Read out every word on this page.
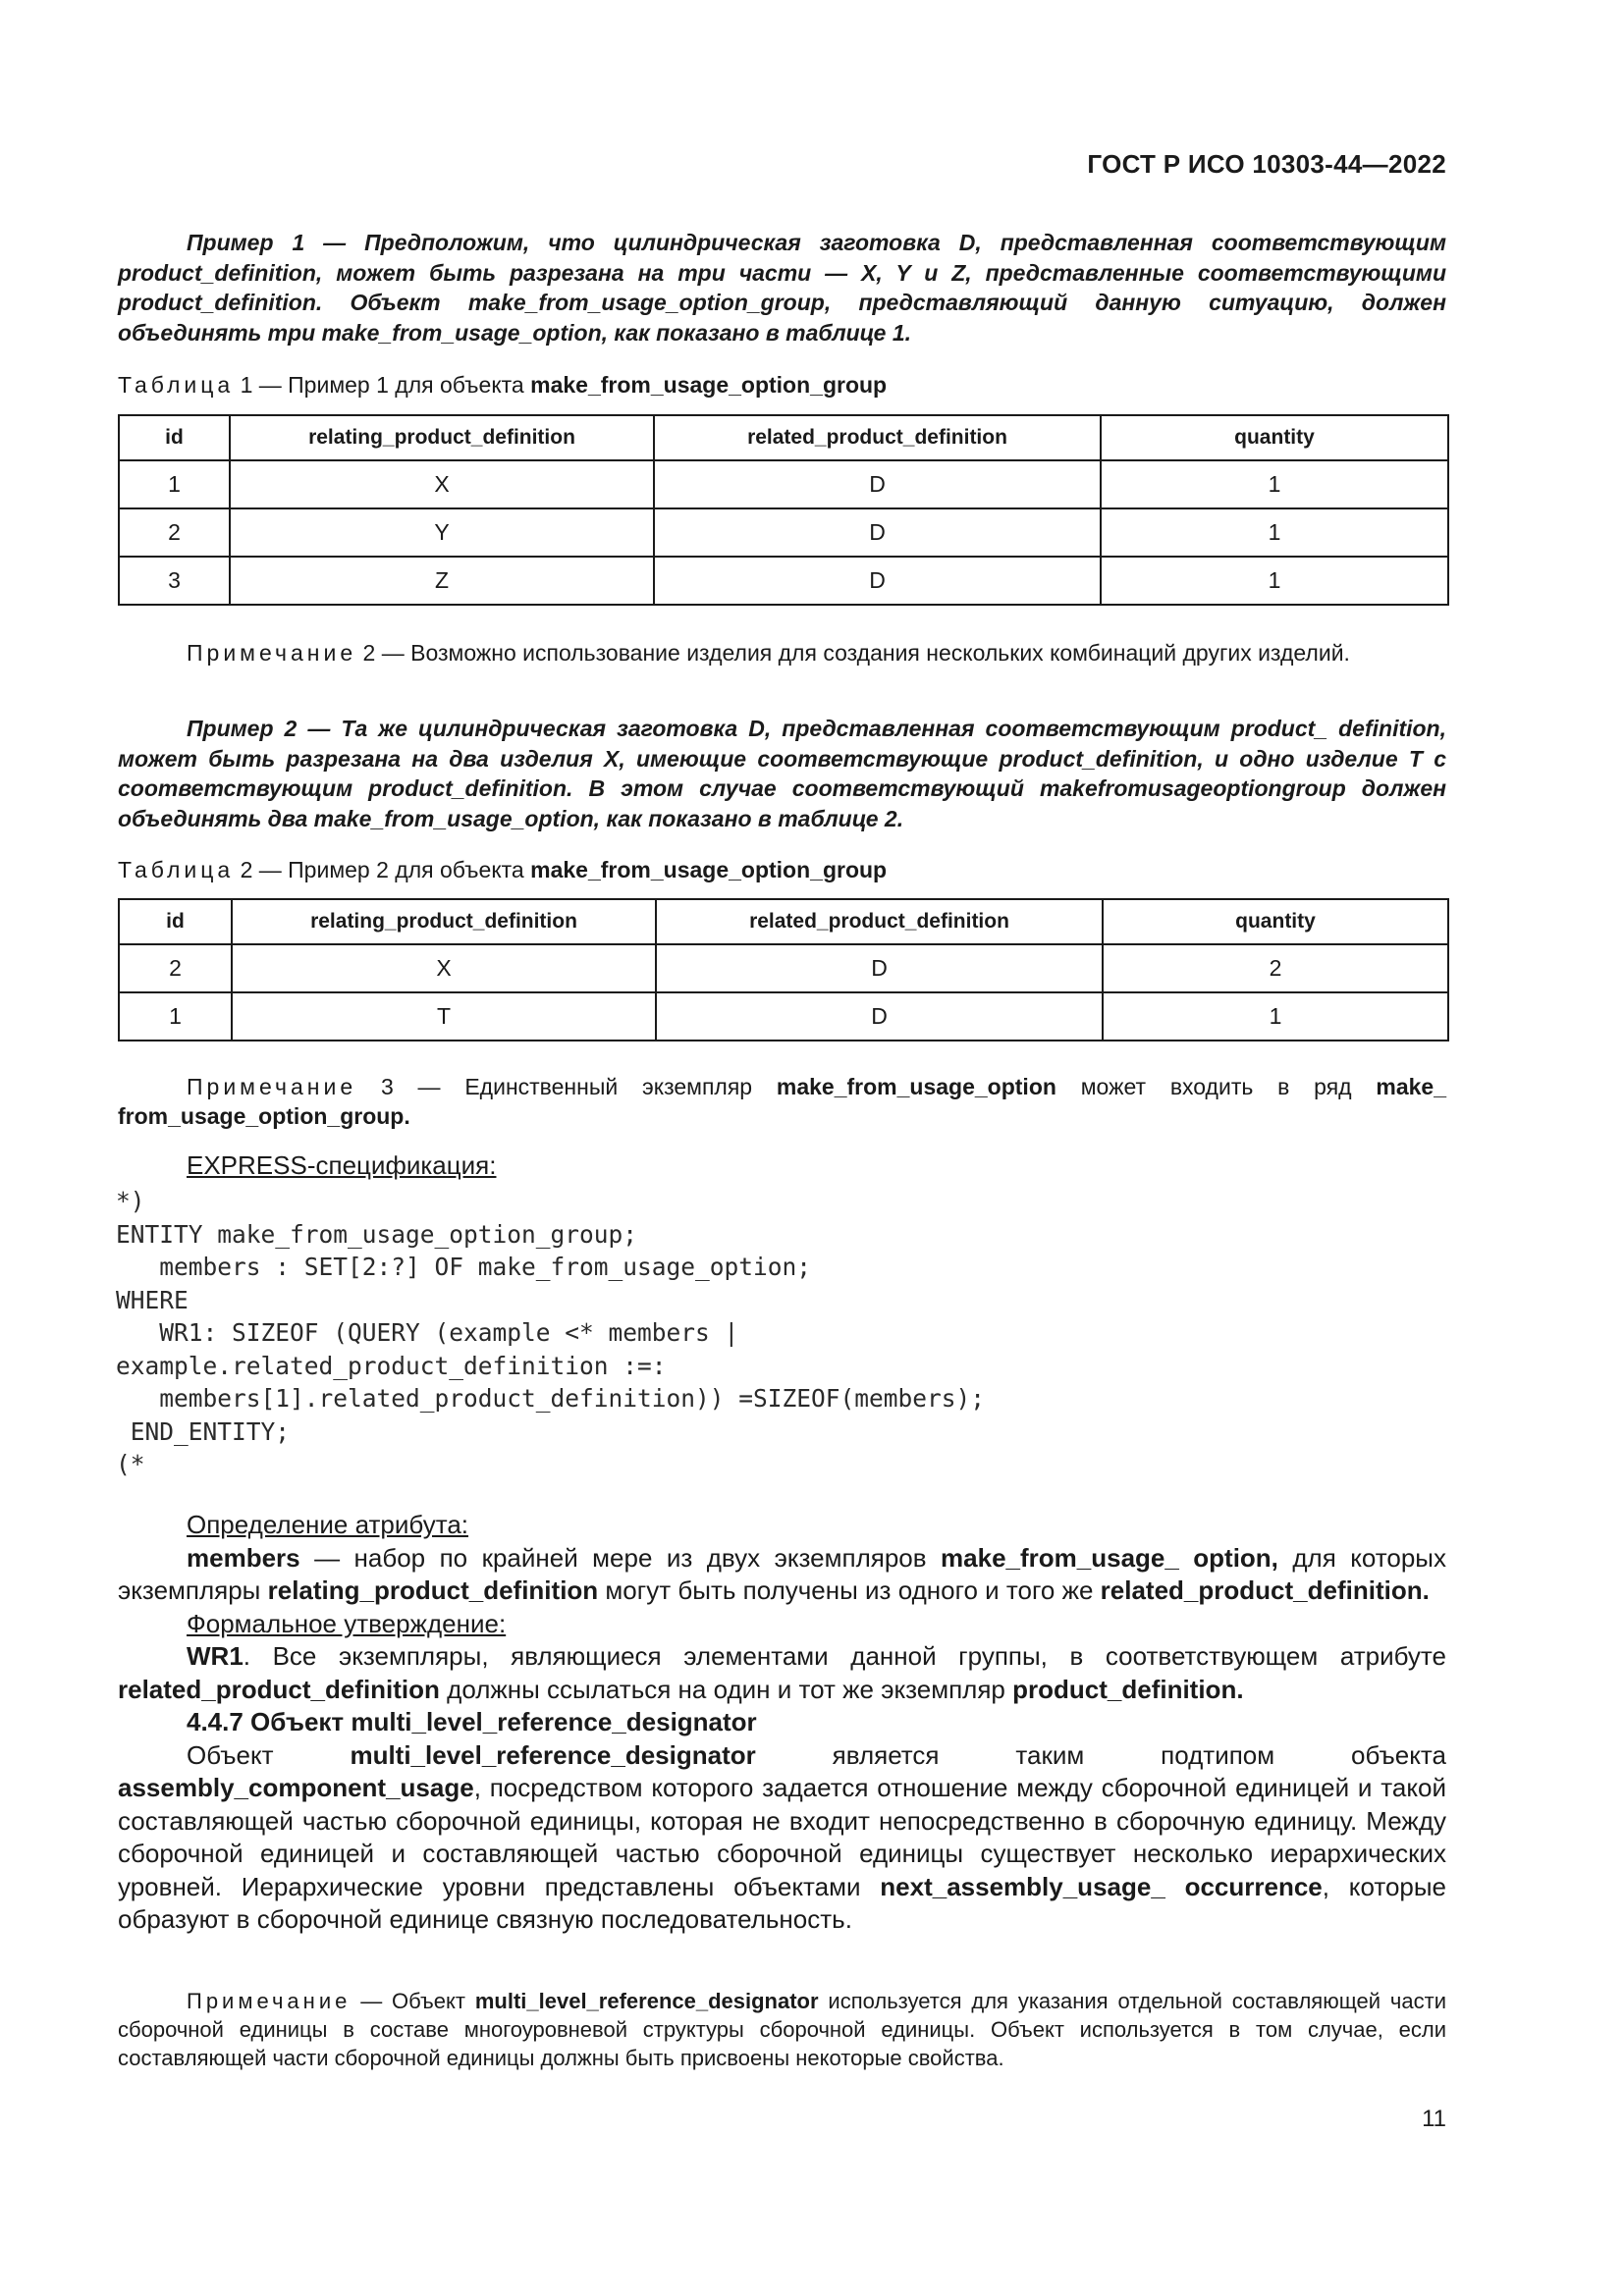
ГОСТ Р ИСО 10303-44—2022

Пример 1 — Предположим, что цилиндрическая заготовка D, представленная соответствующим product_definition, может быть разрезана на три части — X, Y и Z, представленные соответствующими product_definition. Объект make_from_usage_option_group, представляющий данную ситуацию, должен объединять три make_from_usage_option, как показано в таблице 1.

Таблица 1 — Пример 1 для объекта make_from_usage_option_group

id	relating_product_definition	related_product_definition	quantity
1	X	D	1
2	Y	D	1
3	Z	D	1

Примечание 2 — Возможно использование изделия для создания нескольких комбинаций других изделий.

Пример 2 — Та же цилиндрическая заготовка D, представленная соответствующим product_ definition, может быть разрезана на два изделия X, имеющие соответствующие product_definition, и одно изделие T с соответствующим product_definition. В этом случае соответствующий makefromusageoptiongroup должен объединять два make_from_usage_option, как показано в таблице 2.

Таблица 2 — Пример 2 для объекта make_from_usage_option_group

id	relating_product_definition	related_product_definition	quantity
2	X	D	2
1	T	D	1

Примечание 3 — Единственный экземпляр make_from_usage_option может входить в ряд make_ from_usage_option_group.

EXPRESS-спецификация:
*)
ENTITY make_from_usage_option_group;
members : SET[2:?] OF make_from_usage_option;
WHERE
WR1: SIZEOF (QUERY (example <* members |
example.related_product_definition :=:
members[1].related_product_definition)) =SIZEOF(members);
END_ENTITY;
(*

Определение атрибута:

members — набор по крайней мере из двух экземпляров make_from_usage_ option, для которых экземпляры relating_product_definition могут быть получены из одного и того же related_product_definition.

Формальное утверждение:

WR1. Все экземпляры, являющиеся элементами данной группы, в соответствующем атрибуте related_product_definition должны ссылаться на один и тот же экземпляр product_definition.

4.4.7 Объект multi_level_reference_designator

Объект multi_level_reference_designator является таким подтипом объекта assembly_component_usage, посредством которого задается отношение между сборочной единицей и такой составляющей частью сборочной единицы, которая не входит непосредственно в сборочную единицу. Между сборочной единицей и составляющей частью сборочной единицы существует несколько иерархических уровней. Иерархические уровни представлены объектами next_assembly_usage_ occurrence, которые образуют в сборочной единице связную последовательность.

Примечание — Объект multi_level_reference_designator используется для указания отдельной составляющей части сборочной единицы в составе многоуровневой структуры сборочной единицы. Объект используется в том случае, если составляющей части сборочной единицы должны быть присвоены некоторые свойства.

11
